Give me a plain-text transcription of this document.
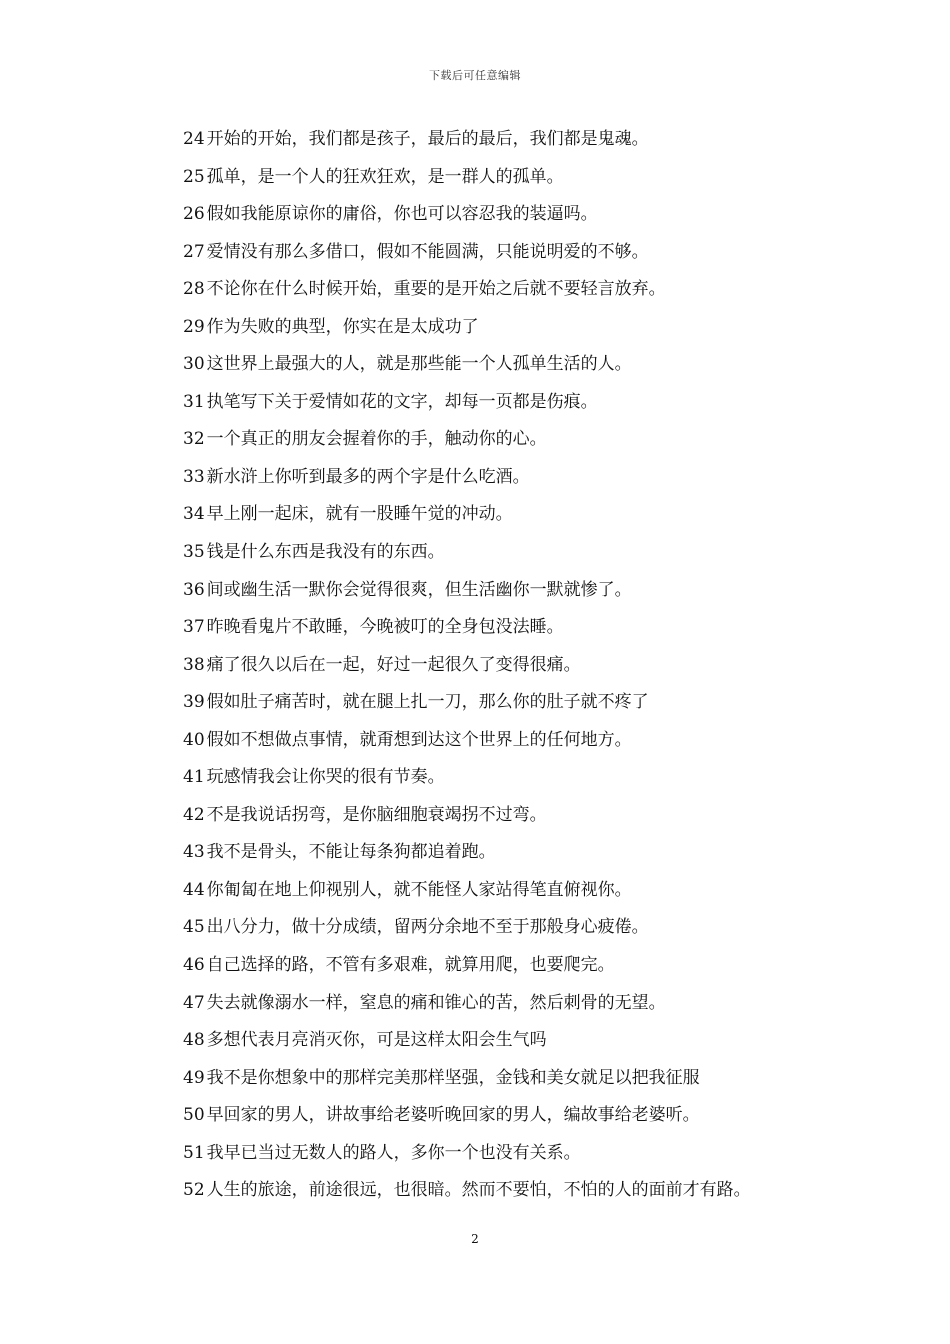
下载后可任意编辑
24 开始的开始，我们都是孩子，最后的最后，我们都是鬼魂。
25 孤单，是一个人的狂欢狂欢，是一群人的孤单。
26 假如我能原谅你的庸俗，你也可以容忍我的装逼吗。
27 爱情没有那么多借口，假如不能圆满，只能说明爱的不够。
28 不论你在什么时候开始，重要的是开始之后就不要轻言放弃。
29 作为失败的典型，你实在是太成功了
30 这世界上最强大的人，就是那些能一个人孤单生活的人。
31 执笔写下关于爱情如花的文字，却每一页都是伤痕。
32 一个真正的朋友会握着你的手，触动你的心。
33 新水浒上你听到最多的两个字是什么吃酒。
34 早上刚一起床，就有一股睡午觉的冲动。
35 钱是什么东西是我没有的东西。
36 间或幽生活一默你会觉得很爽，但生活幽你一默就惨了。
37 昨晚看鬼片不敢睡，今晚被叮的全身包没法睡。
38 痛了很久以后在一起，好过一起很久了变得很痛。
39 假如肚子痛苦时，就在腿上扎一刀，那么你的肚子就不疼了
40 假如不想做点事情，就甭想到达这个世界上的任何地方。
41 玩感情我会让你哭的很有节奏。
42 不是我说话拐弯，是你脑细胞衰竭拐不过弯。
43 我不是骨头，不能让每条狗都追着跑。
44 你匍匐在地上仰视别人，就不能怪人家站得笔直俯视你。
45 出八分力，做十分成绩，留两分余地不至于那般身心疲倦。
46 自己选择的路，不管有多艰难，就算用爬，也要爬完。
47 失去就像溺水一样，窒息的痛和锥心的苦，然后刺骨的无望。
48 多想代表月亮消灭你，可是这样太阳会生气吗
49 我不是你想象中的那样完美那样坚强，金钱和美女就足以把我征服
50 早回家的男人，讲故事给老婆听晚回家的男人，编故事给老婆听。
51 我早已当过无数人的路人，多你一个也没有关系。
52 人生的旅途，前途很远，也很暗。然而不要怕，不怕的人的面前才有路。
2
